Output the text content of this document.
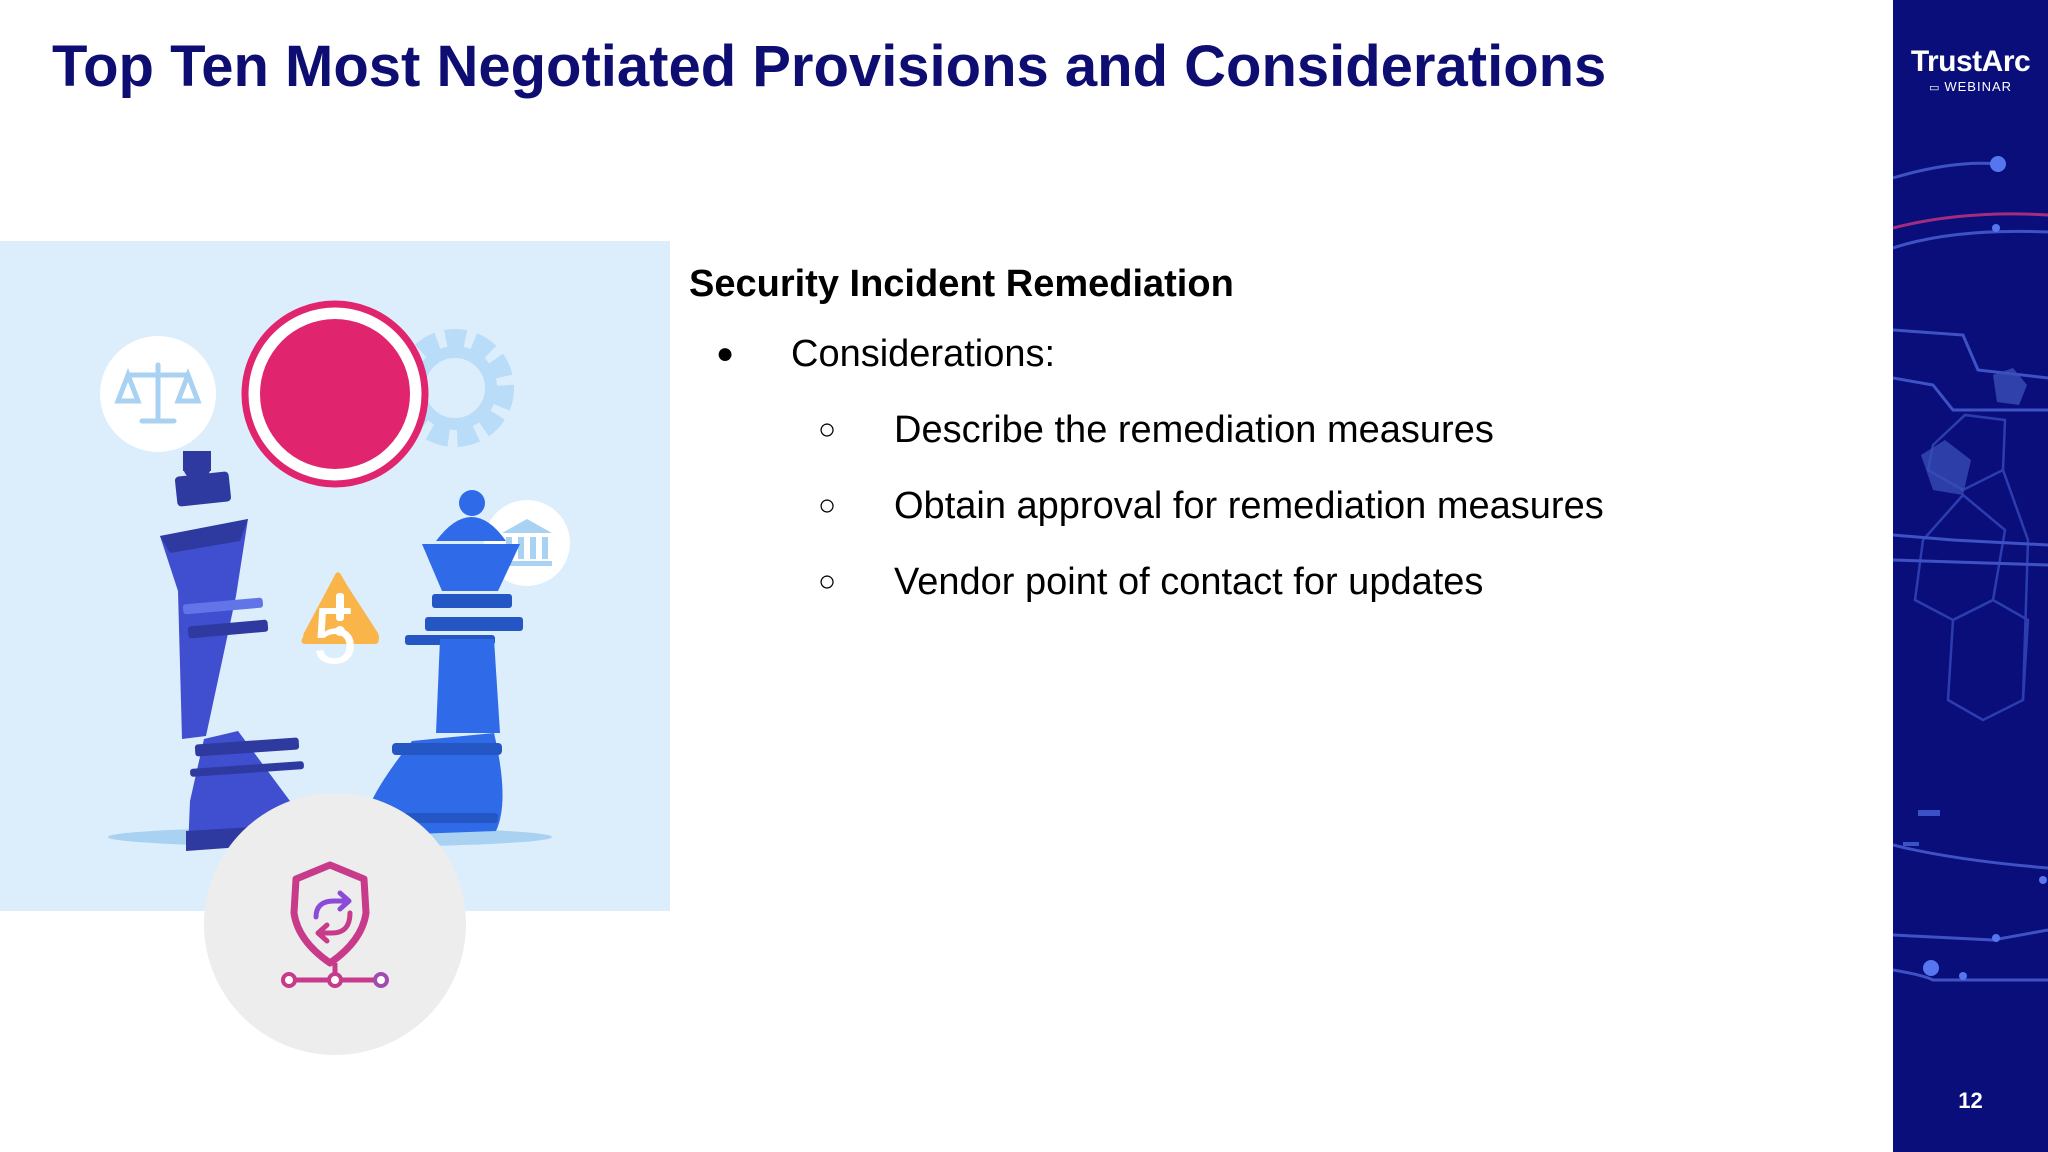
Top Ten Most Negotiated Provisions and Considerations
5
Security Incident Remediation
● Considerations:
○ Describe the remediation measures
○ Obtain approval for remediation measures
○ Vendor point of contact for updates
TrustArc
▭ WEBINAR
12
